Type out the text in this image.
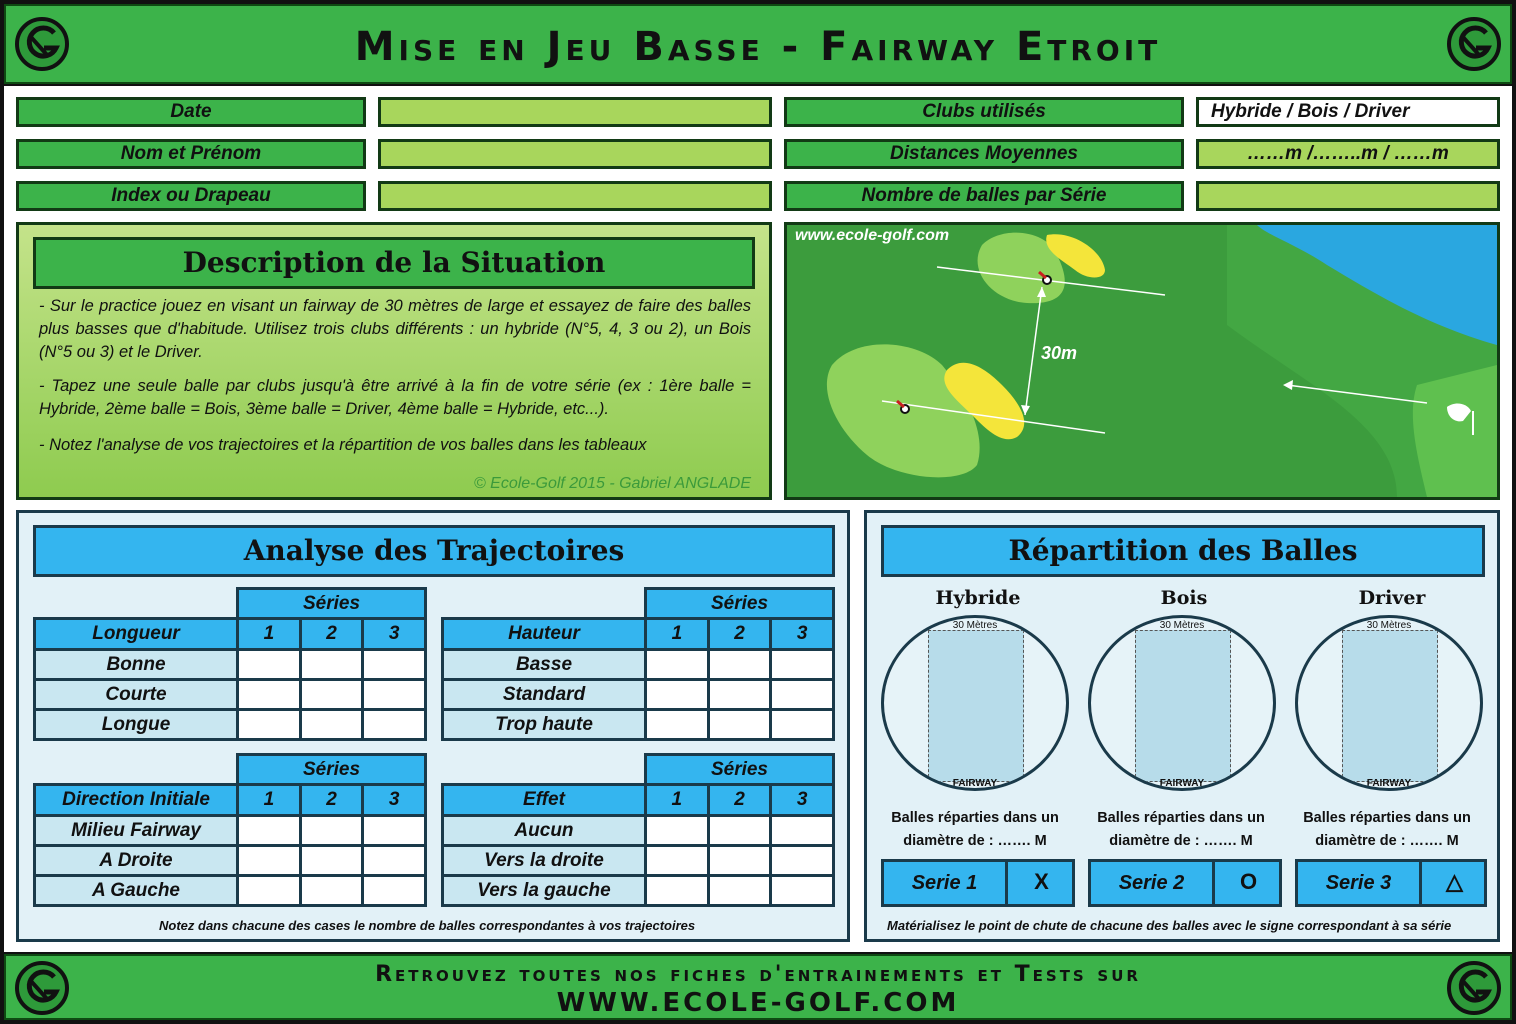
Mise en Jeu Basse - Fairway Etroit
Date	Clubs utilisés	Hybride / Bois / Driver
Nom et Prénom	Distances Moyennes	……m /……..m / ……m
Index ou Drapeau	Nombre de balles par Série
Description de la Situation
- Sur le practice jouez en visant un fairway de 30 mètres de large et essayez de faire des balles plus basses que d'habitude. Utilisez trois clubs différents : un hybride (N°5, 4, 3 ou 2), un Bois (N°5 ou 3) et le Driver.
- Tapez une seule balle par clubs jusqu'à être arrivé à la fin de votre série (ex : 1ère balle = Hybride, 2ème balle = Bois, 3ème balle = Driver, 4ème balle = Hybride, etc...).
- Notez l'analyse de vos trajectoires et la répartition de vos balles dans les tableaux
© Ecole-Golf 2015 - Gabriel ANGLADE
www.ecole-golf.com
30m
Analyse des Trajectoires
	Séries		
Longueur	1	2	3
Bonne			
Courte			
Longue			
	Séries		
Hauteur	1	2	3
Basse			
Standard			
Trop haute			
	Séries		
Direction Initiale	1	2	3
Milieu Fairway			
A Droite			
A Gauche			
	Séries		
Effet	1	2	3
Aucun			
Vers la droite			
Vers la gauche			
Notez dans chacune des cases le nombre de balles correspondantes à vos trajectoires
Répartition des Balles
Hybride	Bois	Driver
30 Mètres
FAIRWAY
30 Mètres
FAIRWAY
30 Mètres
FAIRWAY
Balles réparties dans un
diamètre de : ……. M
Balles réparties dans un
diamètre de : ……. M
Balles réparties dans un
diamètre de : ……. M
Serie 1	X	Serie 2	O	Serie 3	△
Matérialisez le point de chute de chacune des balles avec le signe correspondant à sa série
Retrouvez toutes nos fiches d'entrainements et Tests sur
WWW.ECOLE-GOLF.COM
